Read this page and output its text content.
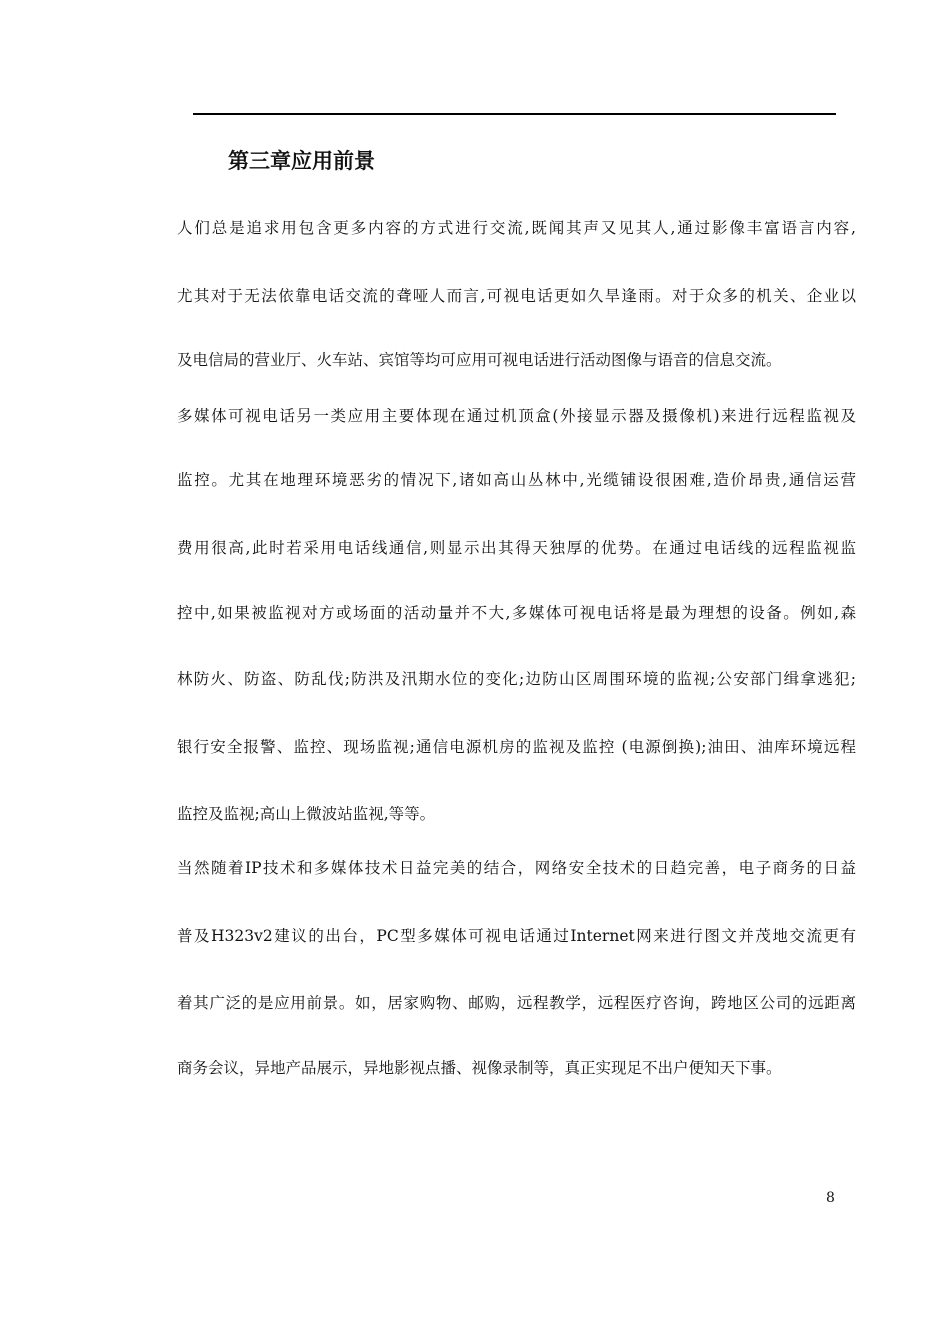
第三章应用前景
人们总是追求用包含更多内容的方式进行交流,既闻其声又见其人,通过影像丰富语言内容,
尤其对于无法依靠电话交流的聋哑人而言,可视电话更如久旱逢雨。对于众多的机关、企业以
及电信局的营业厅、火车站、宾馆等均可应用可视电话进行活动图像与语音的信息交流。
多媒体可视电话另一类应用主要体现在通过机顶盒(外接显示器及摄像机)来进行远程监视及
监控。尤其在地理环境恶劣的情况下,诸如高山丛林中,光缆铺设很困难,造价昂贵,通信运营
费用很高,此时若采用电话线通信,则显示出其得天独厚的优势。在通过电话线的远程监视监
控中,如果被监视对方或场面的活动量并不大,多媒体可视电话将是最为理想的设备。例如,森
林防火、防盗、防乱伐;防洪及汛期水位的变化;边防山区周围环境的监视;公安部门缉拿逃犯;
银行安全报警、监控、现场监视;通信电源机房的监视及监控 (电源倒换);油田、油库环境远程
监控及监视;高山上微波站监视,等等。
当然随着IP技术和多媒体技术日益完美的结合，网络安全技术的日趋完善，电子商务的日益
普及H323v2建议的出台，PC型多媒体可视电话通过Internet网来进行图文并茂地交流更有
着其广泛的是应用前景。如，居家购物、邮购，远程教学，远程医疗咨询，跨地区公司的远距离
商务会议，异地产品展示，异地影视点播、视像录制等，真正实现足不出户便知天下事。
8
